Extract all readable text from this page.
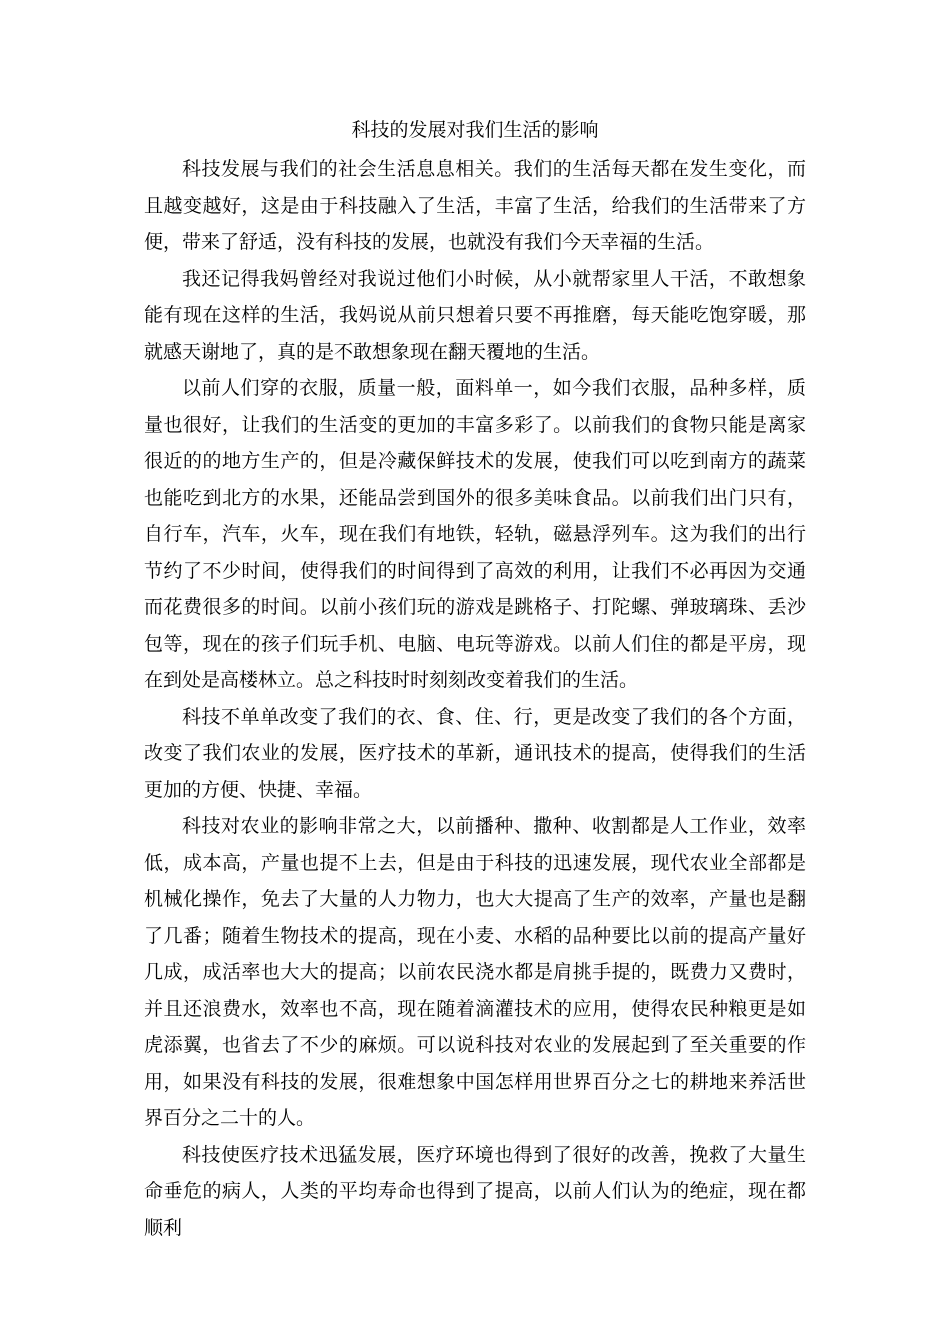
科技的发展对我们生活的影响

科技发展与我们的社会生活息息相关。我们的生活每天都在发生变化，而且越变越好，这是由于科技融入了生活，丰富了生活，给我们的生活带来了方便，带来了舒适，没有科技的发展，也就没有我们今天幸福的生活。

我还记得我妈曾经对我说过他们小时候，从小就帮家里人干活，不敢想象能有现在这样的生活，我妈说从前只想着只要不再推磨，每天能吃饱穿暖，那就感天谢地了，真的是不敢想象现在翻天覆地的生活。

以前人们穿的衣服，质量一般，面料单一，如今我们衣服，品种多样，质量也很好，让我们的生活变的更加的丰富多彩了。以前我们的食物只能是离家很近的的地方生产的，但是冷藏保鲜技术的发展，使我们可以吃到南方的蔬菜也能吃到北方的水果，还能品尝到国外的很多美味食品。以前我们出门只有，自行车，汽车，火车，现在我们有地铁，轻轨，磁悬浮列车。这为我们的出行节约了不少时间，使得我们的时间得到了高效的利用，让我们不必再因为交通而花费很多的时间。以前小孩们玩的游戏是跳格子、打陀螺、弹玻璃珠、丢沙包等，现在的孩子们玩手机、电脑、电玩等游戏。以前人们住的都是平房，现在到处是高楼林立。总之科技时时刻刻改变着我们的生活。

科技不单单改变了我们的衣、食、住、行，更是改变了我们的各个方面，改变了我们农业的发展，医疗技术的革新，通讯技术的提高，使得我们的生活更加的方便、快捷、幸福。

科技对农业的影响非常之大，以前播种、撒种、收割都是人工作业，效率低，成本高，产量也提不上去，但是由于科技的迅速发展，现代农业全部都是机械化操作，免去了大量的人力物力，也大大提高了生产的效率，产量也是翻了几番；随着生物技术的提高，现在小麦、水稻的品种要比以前的提高产量好几成，成活率也大大的提高；以前农民浇水都是肩挑手提的，既费力又费时，并且还浪费水，效率也不高，现在随着滴灌技术的应用，使得农民种粮更是如虎添翼，也省去了不少的麻烦。可以说科技对农业的发展起到了至关重要的作用，如果没有科技的发展，很难想象中国怎样用世界百分之七的耕地来养活世界百分之二十的人。

科技使医疗技术迅猛发展，医疗环境也得到了很好的改善，挽救了大量生命垂危的病人，人类的平均寿命也得到了提高，以前人们认为的绝症，现在都顺利
